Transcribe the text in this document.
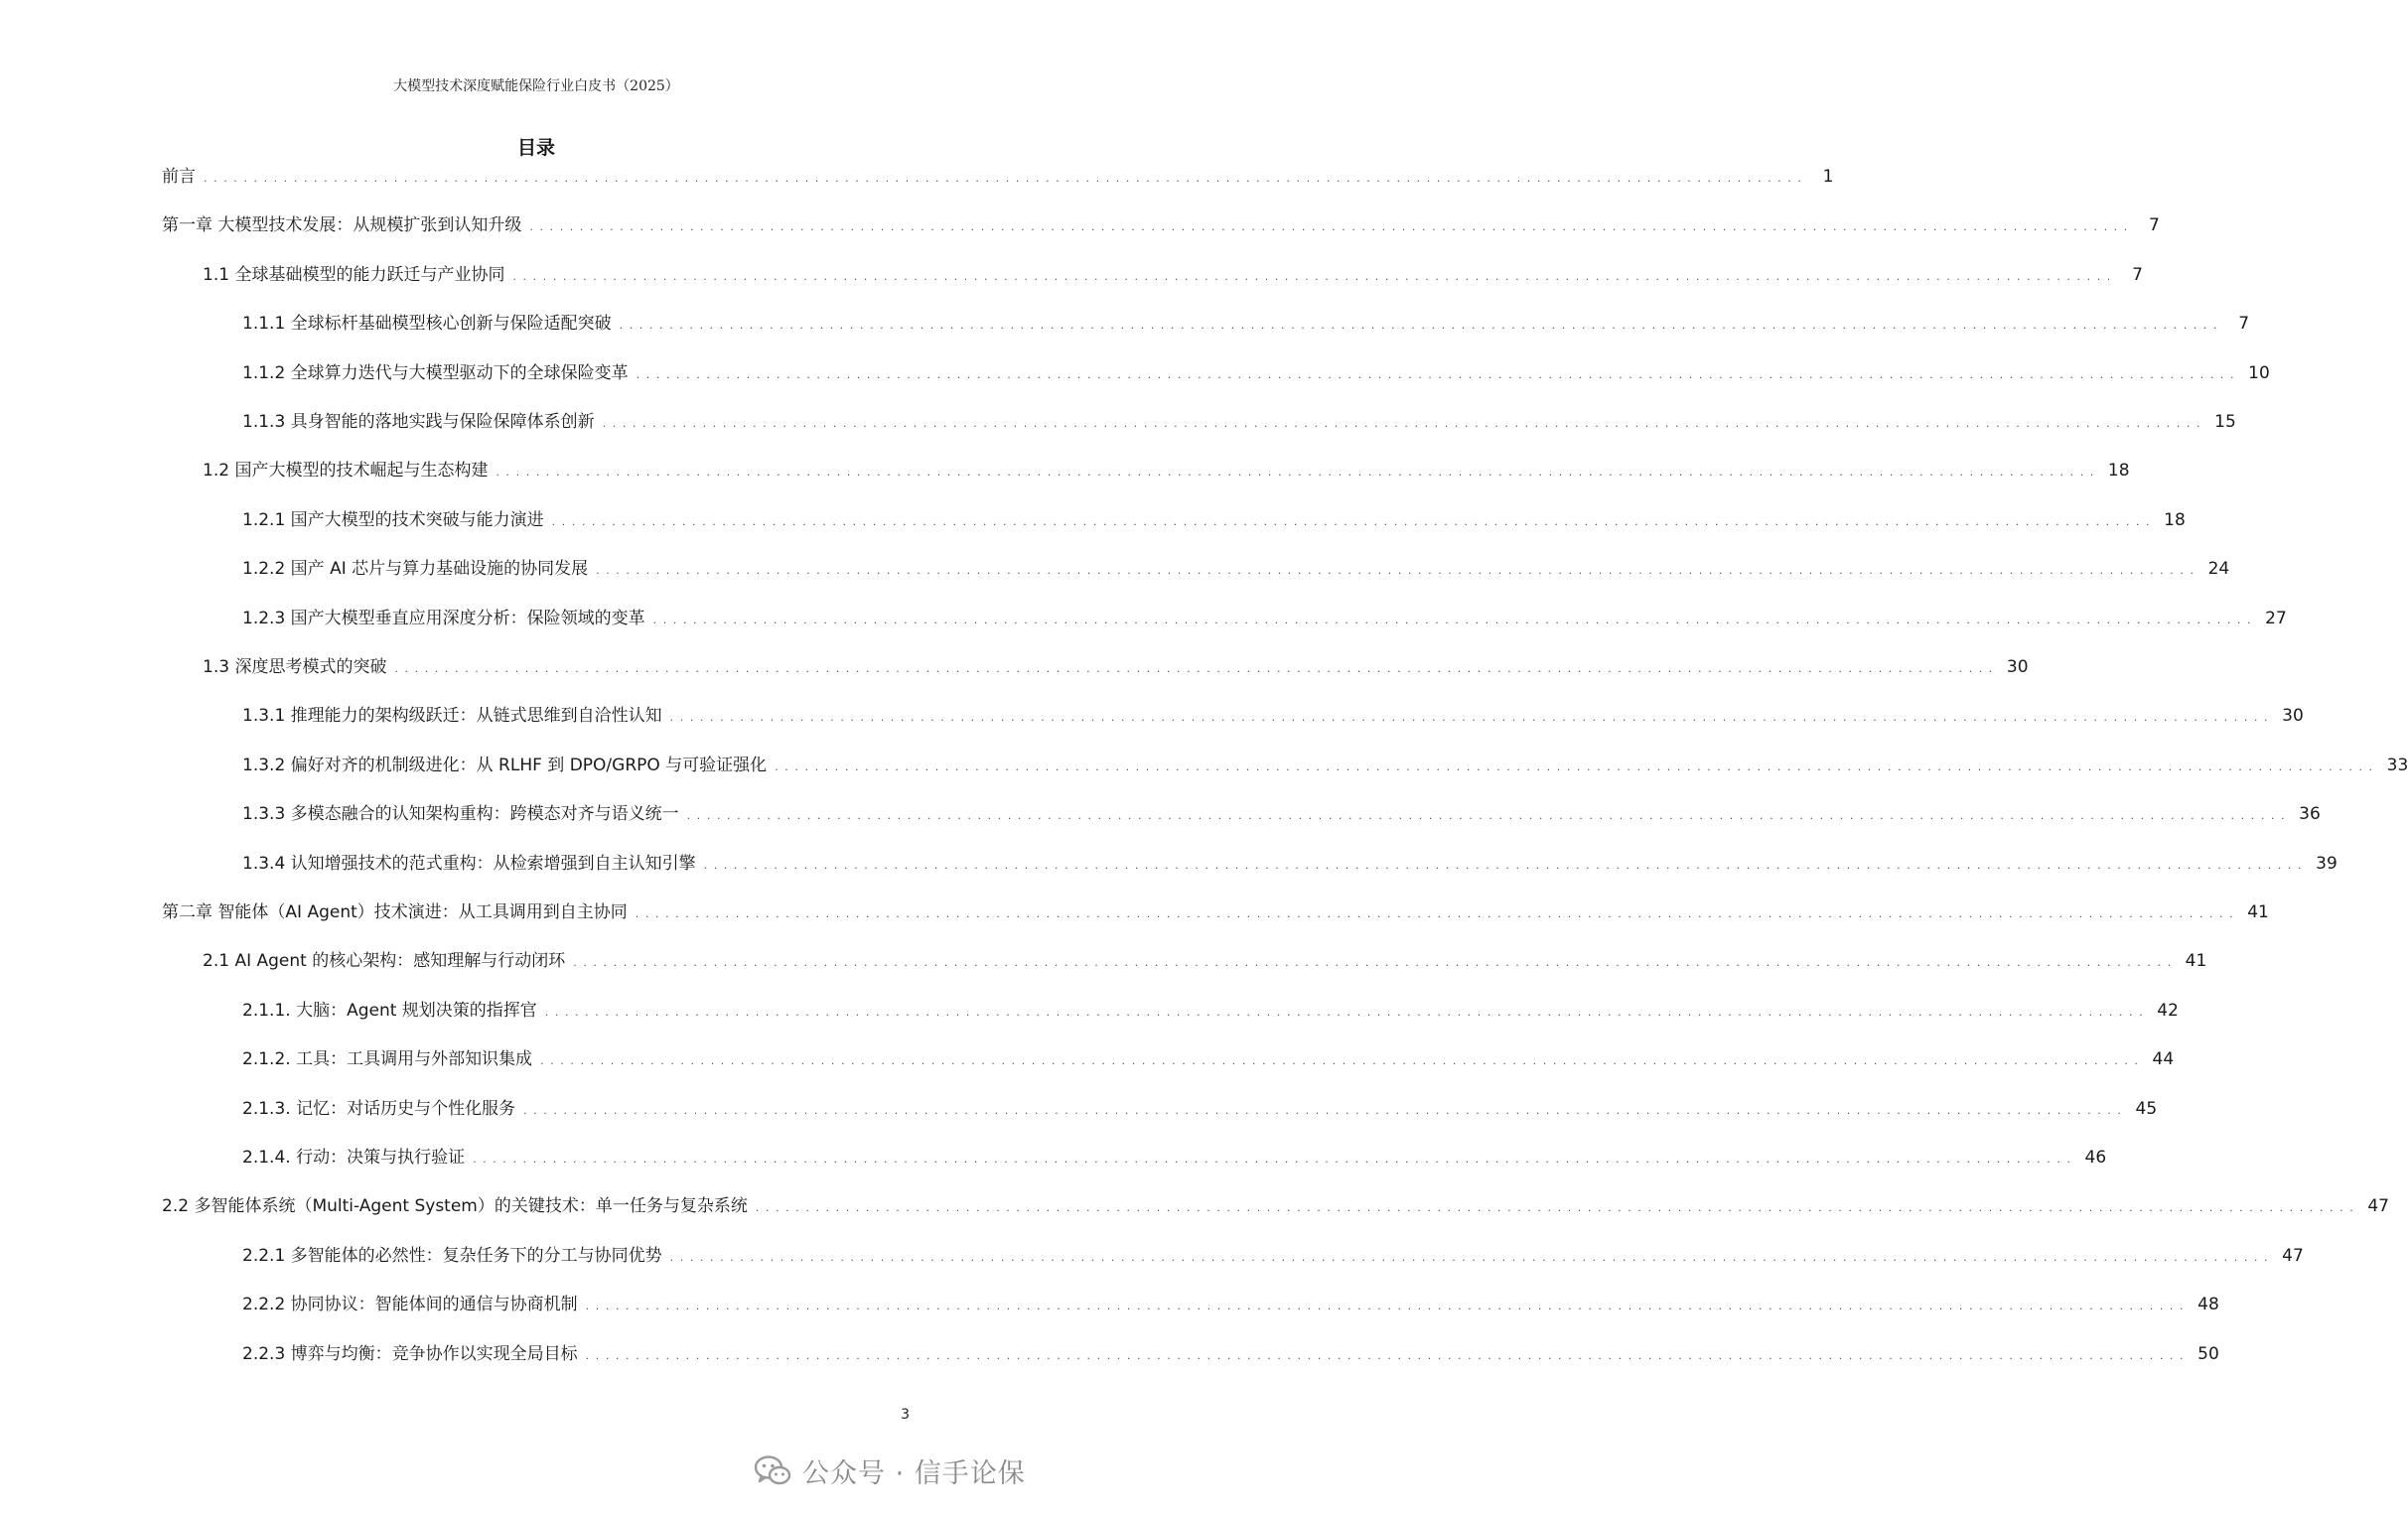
大模型技术深度赋能保险行业白皮书（2025）
目录
前言 ................................................................................................................................................................ 1
第一章 大模型技术发展：从规模扩张到认知升级 ................................................................................................................................................................ 7
1.1 全球基础模型的能力跃迁与产业协同 ................................................................................................................................................................ 7
1.1.1 全球标杆基础模型核心创新与保险适配突破 ................................................................................................................................................................ 7
1.1.2 全球算力迭代与大模型驱动下的全球保险变革 ................................................................................................................................................................ 10
1.1.3 具身智能的落地实践与保险保障体系创新 ................................................................................................................................................................ 15
1.2 国产大模型的技术崛起与生态构建 ................................................................................................................................................................ 18
1.2.1 国产大模型的技术突破与能力演进 ................................................................................................................................................................ 18
1.2.2 国产 AI 芯片与算力基础设施的协同发展 ................................................................................................................................................................ 24
1.2.3 国产大模型垂直应用深度分析：保险领域的变革 ................................................................................................................................................................ 27
1.3 深度思考模式的突破 ................................................................................................................................................................ 30
1.3.1 推理能力的架构级跃迁：从链式思维到自洽性认知 ................................................................................................................................................................ 30
1.3.2 偏好对齐的机制级进化：从 RLHF 到 DPO/GRPO 与可验证强化 ................................................................................................................................................................ 33
1.3.3 多模态融合的认知架构重构：跨模态对齐与语义统一 ................................................................................................................................................................ 36
1.3.4 认知增强技术的范式重构：从检索增强到自主认知引擎 ................................................................................................................................................................ 39
第二章 智能体（AI Agent）技术演进：从工具调用到自主协同 ................................................................................................................................................................ 41
2.1 AI Agent 的核心架构：感知理解与行动闭环 ................................................................................................................................................................ 41
2.1.1. 大脑：Agent 规划决策的指挥官 ................................................................................................................................................................ 42
2.1.2. 工具：工具调用与外部知识集成 ................................................................................................................................................................ 44
2.1.3. 记忆：对话历史与个性化服务 ................................................................................................................................................................ 45
2.1.4. 行动：决策与执行验证 ................................................................................................................................................................ 46
2.2 多智能体系统（Multi-Agent System）的关键技术：单一任务与复杂系统 ................................................................................................................................................................ 47
2.2.1 多智能体的必然性：复杂任务下的分工与协同优势 ................................................................................................................................................................ 47
2.2.2 协同协议：智能体间的通信与协商机制 ................................................................................................................................................................ 48
2.2.3 博弈与均衡：竞争协作以实现全局目标 ................................................................................................................................................................ 50
3
公众号 · 信手论保
